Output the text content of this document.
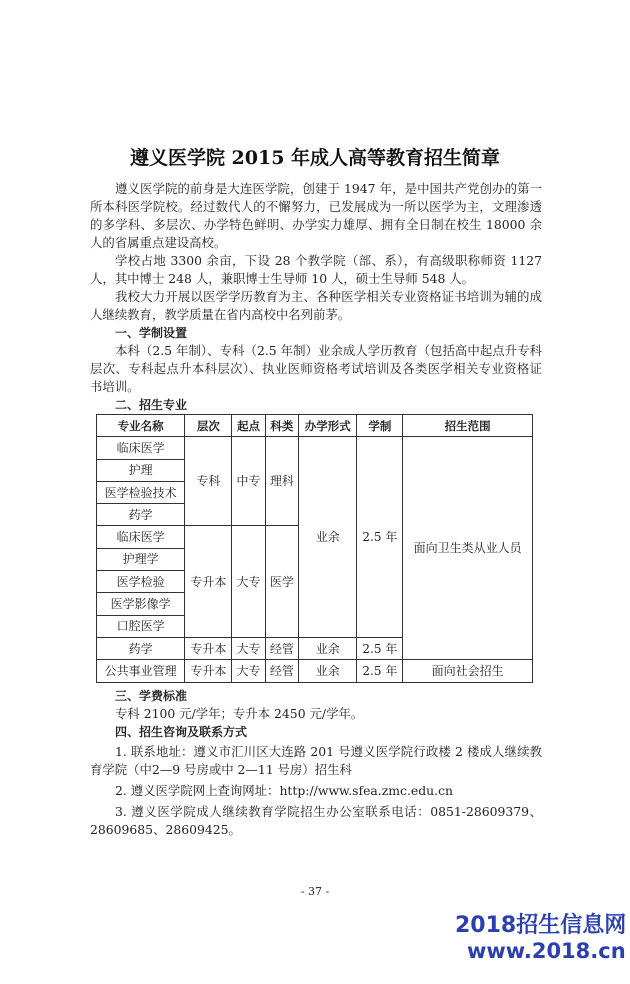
遵义医学院 2015 年成人高等教育招生简章

遵义医学院的前身是大连医学院，创建于 1947 年，是中国共产党创办的第一所本科医学院校。经过数代人的不懈努力，已发展成为一所以医学为主，文理渗透的多学科、多层次、办学特色鲜明、办学实力雄厚、拥有全日制在校生 18000 余人的省属重点建设高校。

学校占地 3300 余亩，下设 28 个教学院（部、系），有高级职称师资 1127 人，其中博士 248 人，兼职博士生导师 10 人，硕士生导师 548 人。

我校大力开展以医学学历教育为主、各种医学相关专业资格证书培训为辅的成人继续教育，教学质量在省内高校中名列前茅。

一、学制设置

本科（2.5 年制）、专科（2.5 年制）业余成人学历教育（包括高中起点升专科层次、专科起点升本科层次）、执业医师资格考试培训及各类医学相关专业资格证书培训。

二、招生专业
专业名称	层次	起点	科类	办学形式	学制	招生范围
临床医学	专科	中专	理科	业余	2.5 年	面向卫生类从业人员
护理						
医学检验技术						
药学						
临床医学	专升本	大专	医学			
护理学						
医学检验						
医学影像学						
口腔医学						
药学	专升本	大专	经管	业余	2.5 年	
公共事业管理	专升本	大专	经管	业余	2.5 年	面向社会招生

三、学费标准

专科 2100 元/学年；专升本 2450 元/学年。

四、招生咨询及联系方式

1. 联系地址：遵义市汇川区大连路 201 号遵义医学院行政楼 2 楼成人继续教育学院（中2—9 号房或中 2—11 号房）招生科

2. 遵义医学院网上查询网址：http://www.sfea.zmc.edu.cn

3. 遵义医学院成人继续教育学院招生办公室联系电话：0851-28609379、28609685、28609425。

- 37 -
2018招生信息网
www.2018.cn
